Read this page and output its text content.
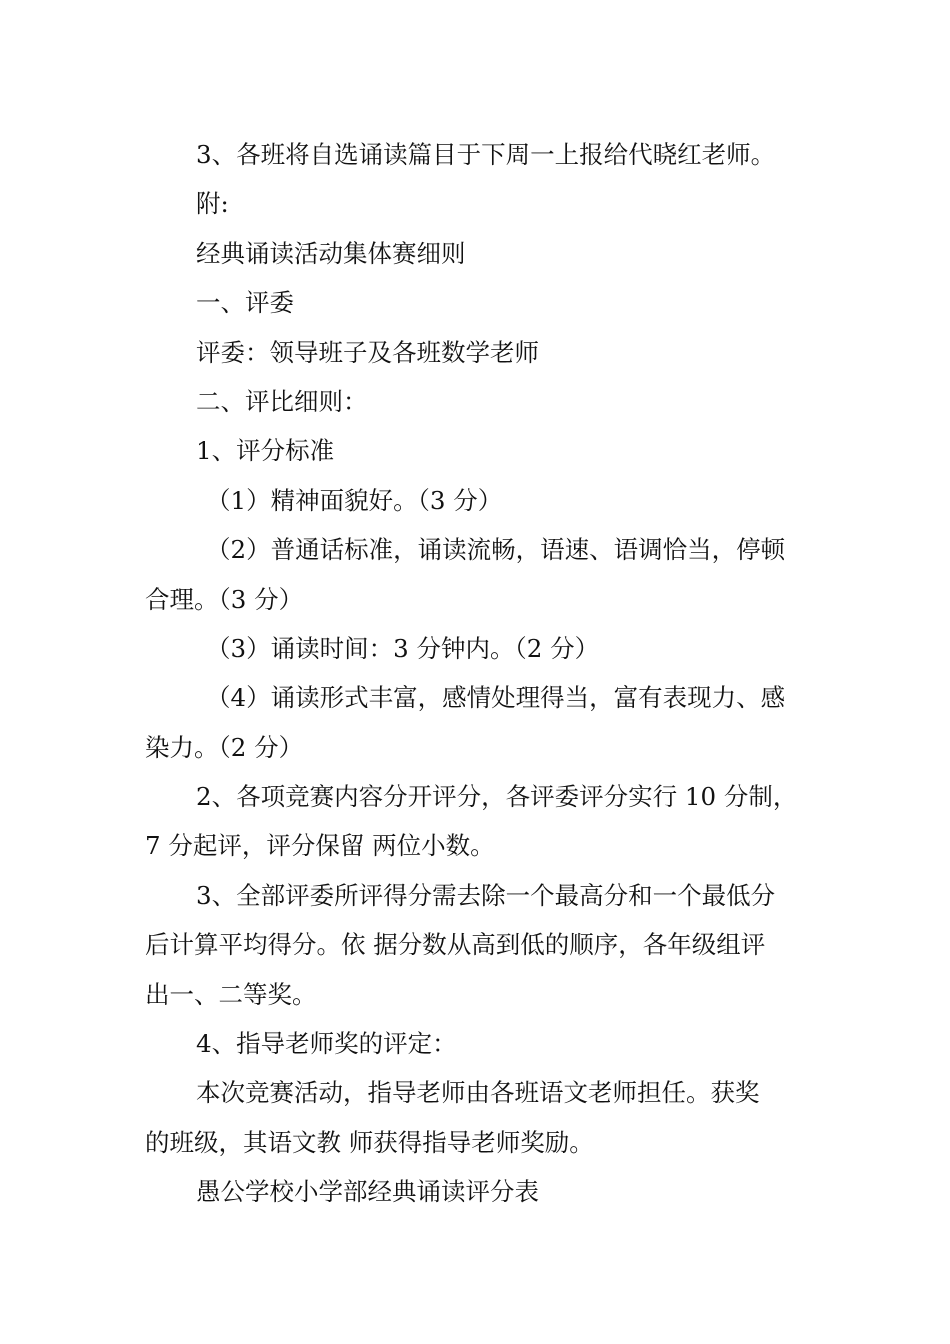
3、各班将自选诵读篇目于下周一上报给代晓红老师。
附:
经典诵读活动集体赛细则
一、评委
评委：领导班子及各班数学老师
二、评比细则：
1、评分标准
（1）精神面貌好。（3 分）
（2）普通话标准，诵读流畅，语速、语调恰当，停顿
合理。（3 分）
（3）诵读时间：3 分钟内。（2 分）
（4）诵读形式丰富，感情处理得当，富有表现力、感
染力。（2 分）
2、各项竞赛内容分开评分，各评委评分实行 10 分制，
7 分起评，评分保留 两位小数。
3、全部评委所评得分需去除一个最高分和一个最低分
后计算平均得分。依 据分数从高到低的顺序，各年级组评
出一、二等奖。
4、指导老师奖的评定：
本次竞赛活动，指导老师由各班语文老师担任。获奖
的班级，其语文教 师获得指导老师奖励。
愚公学校小学部经典诵读评分表
